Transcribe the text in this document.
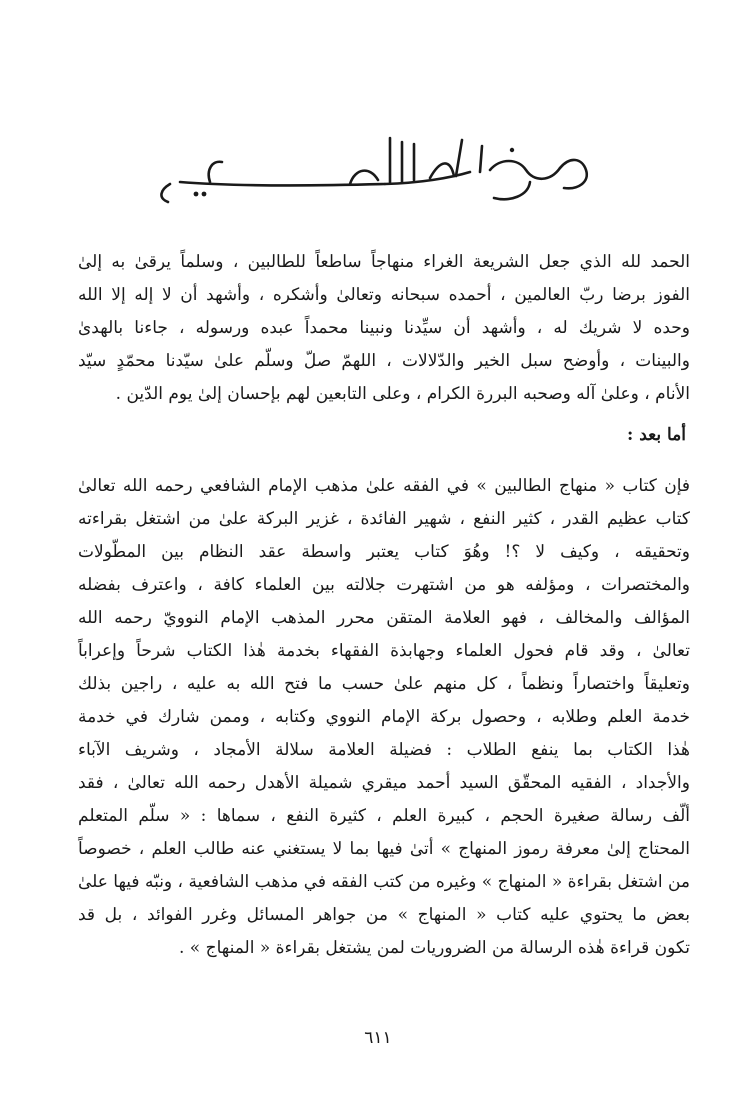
الحمد لله الذي جعل الشريعة الغراء منهاجاً ساطعاً للطالبين ، وسلماً يرقىٰ به إلىٰ
الفوز برضا ربّ العالمين ، أحمده سبحانه وتعالىٰ وأشكره ، وأشهد أن لا إله إلا الله
وحده لا شريك له ، وأشهد أن سيِّدنا ونبينا محمداً عبده ورسوله ، جاءنا بالهدىٰ
والبينات ، وأوضح سبل الخير والدّلالات ، اللهمّ صلّ وسلّم علىٰ سيّدنا محمّدٍ سيّد
الأنام ، وعلىٰ آله وصحبه البررة الكرام ، وعلى التابعين لهم بإحسان إلىٰ يوم الدّين .
أما بعد :
فإن كتاب « منهاج الطالبين » في الفقه علىٰ مذهب الإمام الشافعي رحمه الله تعالىٰ
كتاب عظيم القدر ، كثير النفع ، شهير الفائدة ، غزير البركة علىٰ من اشتغل بقراءته
وتحقيقه ، وكيف لا ؟! وهُوَ كتاب يعتبر واسطة عقد النظام بين المطّولات
والمختصرات ، ومؤلفه هو من اشتهرت جلالته بين العلماء كافة ، واعترف بفضله
المؤالف والمخالف ، فهو العلامة المتقن محرر المذهب الإمام النوويّ رحمه الله
تعالىٰ ، وقد قام فحول العلماء وجهابذة الفقهاء بخدمة هٰذا الكتاب شرحاً وإعراباً
وتعليقاً واختصاراً ونظماً ، كل منهم علىٰ حسب ما فتح الله به عليه ، راجين بذلك
خدمة العلم وطلابه ، وحصول بركة الإمام النووي وكتابه ، وممن شارك في خدمة
هٰذا الكتاب بما ينفع الطلاب : فضيلة العلامة سلالة الأمجاد ، وشريف الآباء
والأجداد ، الفقيه المحقّق السيد أحمد ميقري شميلة الأهدل رحمه الله تعالىٰ ، فقد
ألّف رسالة صغيرة الحجم ، كبيرة العلم ، كثيرة النفع ، سماها : « سلّم المتعلم
المحتاج إلىٰ معرفة رموز المنهاج » أتىٰ فيها بما لا يستغني عنه طالب العلم ، خصوصاً
من اشتغل بقراءة « المنهاج » وغيره من كتب الفقه في مذهب الشافعية ، ونبّه فيها علىٰ
بعض ما يحتوي عليه كتاب « المنهاج » من جواهر المسائل وغرر الفوائد ، بل قد
تكون قراءة هٰذه الرسالة من الضروريات لمن يشتغل بقراءة « المنهاج » .
٦١١
